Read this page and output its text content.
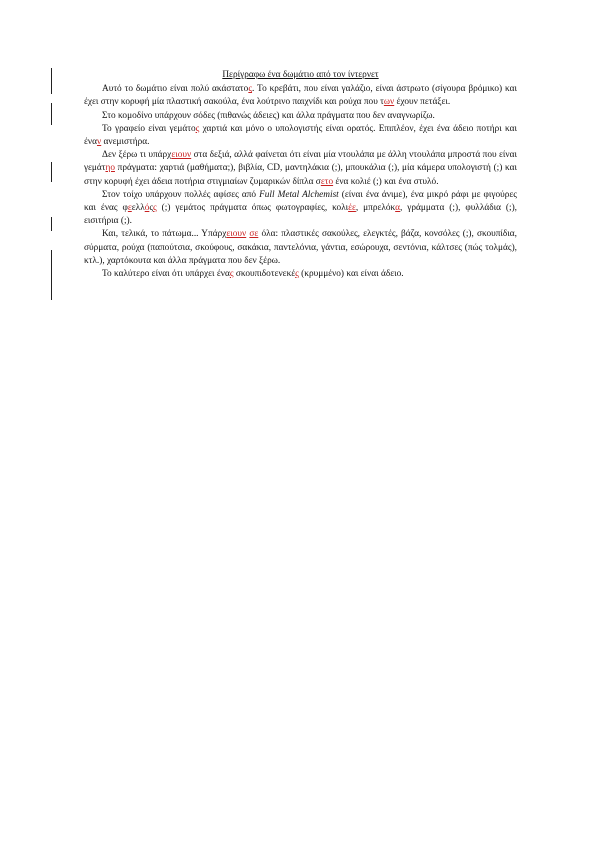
Περίγραφω ένα δωμάτιο από τον ίντερνετ

Αυτό το δωμάτιο είναι πολύ ακάστατος. Το κρεβάτι, που είναι γαλάζιο, είναι άστρωτο (σίγουρα βρόμικο) και έχει στην κορυφή μία πλαστική σακούλα, ένα λούτρινο παιχνίδι και ρούχα που των έχουν πετάξει.

Στο κομοδίνο υπάρχουν σόδες (πιθανώς άδειες) και άλλα πράγματα που δεν αναγνωρίζω.

Το γραφείο είναι γεμάτος χαρτιά και μόνο ο υπολογιστής είναι ορατός. Επιπλέον, έχει ένα άδειο ποτήρι και έναν ανεμιστήρα.

Δεν ξέρω τι υπάρχειουν στα δεξιά, αλλά φαίνεται ότι είναι μία ντουλάπα με άλλη ντουλάπα μπροστά που είναι γεμάτηο πράγματα: χαρτιά (μαθήματα;), βιβλία, CD, μαντηλάκια (;), μπουκάλια (;), μία κάμερα υπολογιστή (;) και στην κορυφή έχει άδεια ποτήρια στιγμιαίων ζυμαρικών δίπλα σετο ένα κολιέ (;) και ένα στυλό.

Στον τοίχο υπάρχουν πολλές αφίσες από Full Metal Alchemist (είναι ένα άνιμε), ένα μικρό ράφι με φιγούρες και ένας φεελλόςς (;) γεμάτος πράγματα όπως φωτογραφίες, κολιέε, μπρελόκα, γράμματα (;), φυλλάδια (;), εισιτήρια (;).

Και, τελικά, το πάτωμα... Υπάρχειουν σε όλα: πλαστικές σακούλες, ελεγκτές, βάζα, κονσόλες (;), σκουπίδια, σύρματα, ρούχα (παπούτσια, σκούφους, σακάκια, παντελόνια, γάντια, εσώρουχα, σεντόνια, κάλτσες (πώς τολμάς), κτλ.), χαρτόκουτα και άλλα πράγματα που δεν ξέρω.

Το καλύτερο είναι ότι υπάρχει ένας σκουπιδοτενεκές (κρυμμένο) και είναι άδειο.
